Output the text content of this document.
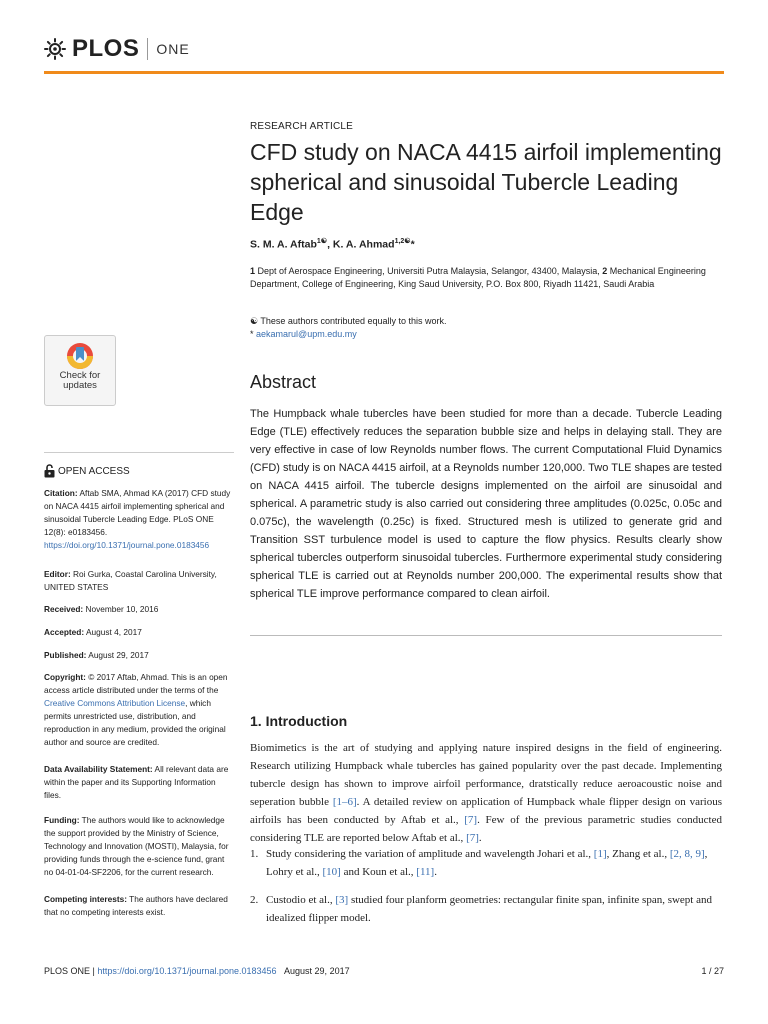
PLOS ONE
RESEARCH ARTICLE
CFD study on NACA 4415 airfoil implementing spherical and sinusoidal Tubercle Leading Edge
S. M. A. Aftab$^{1☯}$, K. A. Ahmad$^{1,2☯}$*
1 Dept of Aerospace Engineering, Universiti Putra Malaysia, Selangor, 43400, Malaysia, 2 Mechanical Engineering Department, College of Engineering, King Saud University, P.O. Box 800, Riyadh 11421, Saudi Arabia
☯ These authors contributed equally to this work.
* aekamarul@upm.edu.my
Abstract
The Humpback whale tubercles have been studied for more than a decade. Tubercle Leading Edge (TLE) effectively reduces the separation bubble size and helps in delaying stall. They are very effective in case of low Reynolds number flows. The current Computational Fluid Dynamics (CFD) study is on NACA 4415 airfoil, at a Reynolds number 120,000. Two TLE shapes are tested on NACA 4415 airfoil. The tubercle designs implemented on the airfoil are sinusoidal and spherical. A parametric study is also carried out considering three amplitudes (0.025c, 0.05c and 0.075c), the wavelength (0.25c) is fixed. Structured mesh is utilized to generate grid and Transition SST turbulence model is used to capture the flow physics. Results clearly show spherical tubercles outperform sinusoidal tubercles. Furthermore experimental study considering spherical TLE is carried out at Reynolds number 200,000. The experimental results show that spherical TLE improve performance compared to clean airfoil.
1. Introduction
Biomimetics is the art of studying and applying nature inspired designs in the field of engineering. Research utilizing Humpback whale tubercles has gained popularity over the past decade. Implementing tubercle design has shown to improve airfoil performance, dratstically reduce aeroacoustic noise and seperation bubble [1–6]. A detailed review on application of Humpback whale flipper design on various airfoils has been conducted by Aftab et al., [7]. Few of the previous parametric studies conducted considering TLE are reported below Aftab et al., [7].
1. Study considering the variation of amplitude and wavelength Johari et al., [1], Zhang et al., [2, 8, 9], Lohry et al., [10] and Koun et al., [11].
2. Custodio et al., [3] studied four planform geometries: rectangular finite span, infinite span, swept and idealized flipper model.
Check for
updates
OPEN ACCESS
Citation: Aftab SMA, Ahmad KA (2017) CFD study on NACA 4415 airfoil implementing spherical and sinusoidal Tubercle Leading Edge. PLoS ONE 12(8): e0183456. https://doi.org/10.1371/journal.pone.0183456
Editor: Roi Gurka, Coastal Carolina University, UNITED STATES
Received: November 10, 2016
Accepted: August 4, 2017
Published: August 29, 2017
Copyright: © 2017 Aftab, Ahmad. This is an open access article distributed under the terms of the Creative Commons Attribution License, which permits unrestricted use, distribution, and reproduction in any medium, provided the original author and source are credited.
Data Availability Statement: All relevant data are within the paper and its Supporting Information files.
Funding: The authors would like to acknowledge the support provided by the Ministry of Science, Technology and Innovation (MOSTI), Malaysia, for providing funds through the e-science fund, grant no 04-01-04-SF2206, for the current research.
Competing interests: The authors have declared that no competing interests exist.
PLOS ONE | https://doi.org/10.1371/journal.pone.0183456 August 29, 2017	1 / 27
